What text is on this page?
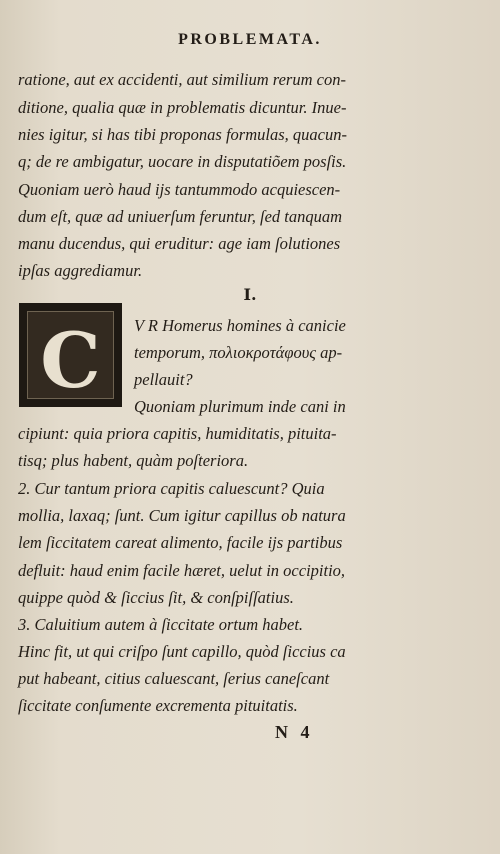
PROBLEMATA.
ratione, aut ex accidenti, aut similium rerum con-
ditione, qualia quæ in problematis dicuntur. Inue-
nies igitur, si has tibi proponas formulas, quacun-
q; de re ambigatur, uocare in disputatiõem posſis.
Quoniam uerò haud ijs tantummodo acquiescen-
dum eſt, quæ ad uniuerſum feruntur, ſed tanquam
manu ducendus, qui eruditur: age iam ſolutiones
ipſas aggrediamur.
I.
C	V R Homerus homines à canicie
temporum, πολιοκροτάφους ap-
pellauit?
Quoniam plurimum inde cani in
cipiunt: quia priora capitis, humiditatis, pituita-
tisq; plus habent, quàm poſteriora.
2. Cur tantum priora capitis caluescunt? Quia
mollia, laxaq; ſunt. Cum igitur capillus ob natura
lem ſiccitatem careat alimento, facile ijs partibus
defluit: haud enim facile hæret, uelut in occipitio,
quippe quòd & ſiccius ſit, & conſpiſſatius.
3. Caluitium autem à ſiccitate ortum habet.
Hinc fit, ut qui criſpo ſunt capillo, quòd ſiccius ca
put habeant, citius caluescant, ſerius caneſcant
ſiccitate conſumente excrementa pituitatis.
N 4
